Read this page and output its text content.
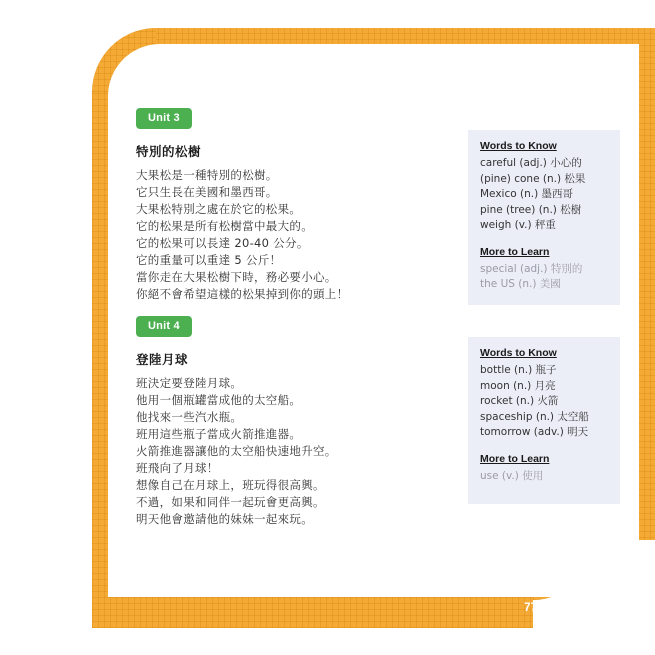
Unit 3
特別的松樹
大果松是一種特別的松樹。
它只生長在美國和墨西哥。
大果松特別之處在於它的松果。
它的松果是所有松樹當中最大的。
它的松果可以長達 20-40 公分。
它的重量可以重達 5 公斤！
當你走在大果松樹下時，務必要小心。
你絕不會希望這樣的松果掉到你的頭上！
Words to Know
careful (adj.) 小心的
(pine) cone (n.) 松果
Mexico (n.) 墨西哥
pine (tree) (n.) 松樹
weigh (v.) 秤重
More to Learn
special (adj.) 特別的
the US (n.) 美國
Unit 4
登陸月球
班決定要登陸月球。
他用一個瓶罐當成他的太空船。
他找來一些汽水瓶。
班用這些瓶子當成火箭推進器。
火箭推進器讓他的太空船快速地升空。
班飛向了月球！
想像自己在月球上，班玩得很高興。
不過，如果和同伴一起玩會更高興。
明天他會邀請他的妹妹一起來玩。
Words to Know
bottle (n.) 瓶子
moon (n.) 月亮
rocket (n.) 火箭
spaceship (n.) 太空船
tomorrow (adv.) 明天
More to Learn
use (v.) 使用
77
